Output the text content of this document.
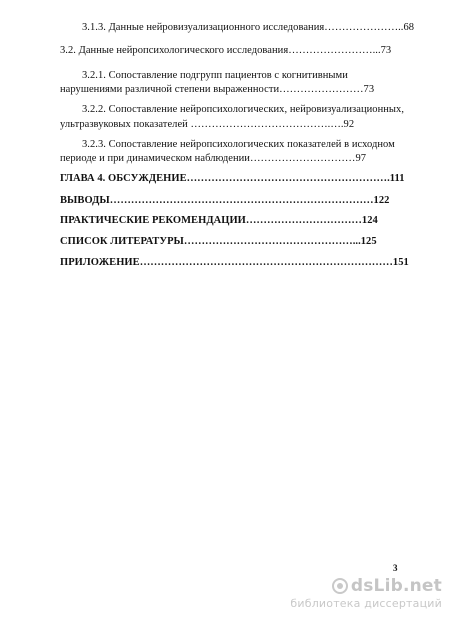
3.1.3. Данные нейровизуализационного исследования…………………..68
3.2. Данные нейропсихологического исследования……………………...73
3.2.1. Сопоставление подгрупп пациентов с когнитивными
нарушениями различной степени выраженности……………………73
3.2.2. Сопоставление нейропсихологических, нейровизуализационных,
ультразвуковых показателей ………………………………….….92
3.2.3. Сопоставление нейропсихологических показателей в исходном
периоде и при динамическом наблюдении…………………………97
ГЛАВА 4. ОБСУЖДЕНИЕ………………………………………………….111
ВЫВОДЫ…………………………………………………………………122
ПРАКТИЧЕСКИЕ РЕКОМЕНДАЦИИ……………………………124
СПИСОК ЛИТЕРАТУРЫ…………………………………………...125
ПРИЛОЖЕНИЕ………………………………………………………………151
3
dsLib.net
библиотека диссертаций
